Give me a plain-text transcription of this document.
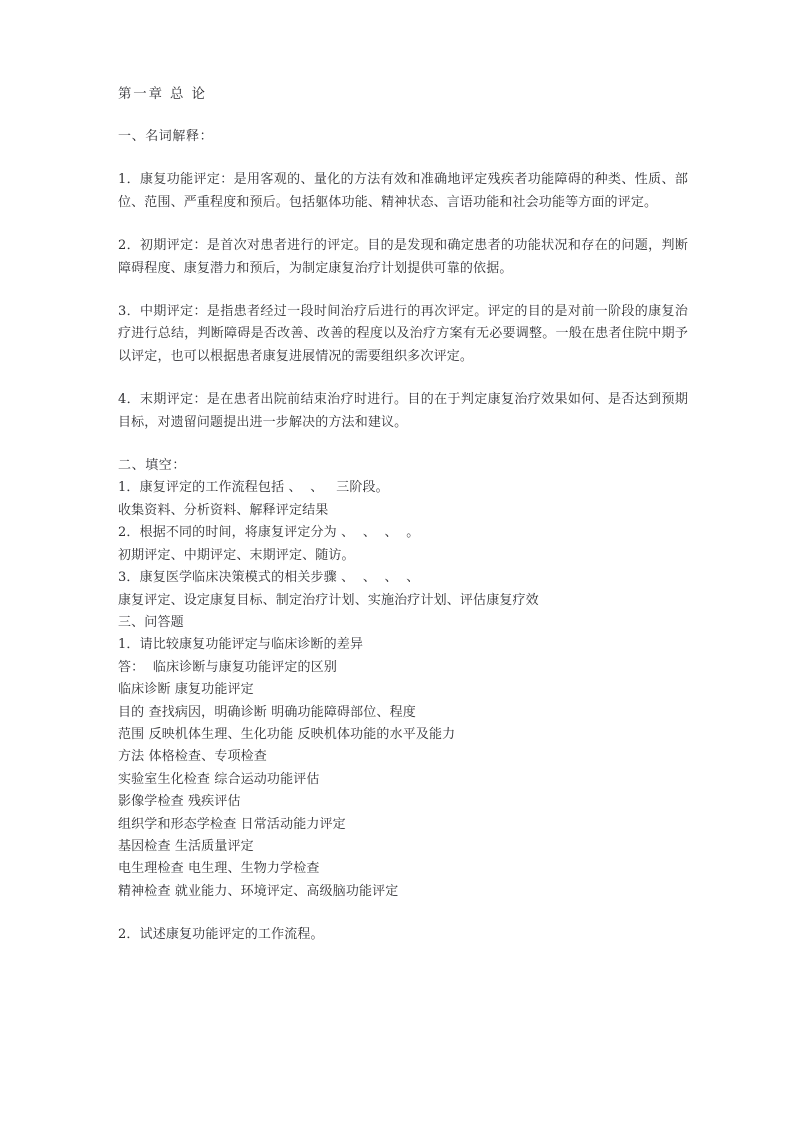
第一章 总 论

一、名词解释：

1．康复功能评定：是用客观的、量化的方法有效和准确地评定残疾者功能障碍的种类、性质、部位、范围、严重程度和预后。包括躯体功能、精神状态、言语功能和社会功能等方面的评定。

2．初期评定：是首次对患者进行的评定。目的是发现和确定患者的功能状况和存在的问题，判断障碍程度、康复潜力和预后，为制定康复治疗计划提供可靠的依据。

3．中期评定：是指患者经过一段时间治疗后进行的再次评定。评定的目的是对前一阶段的康复治疗进行总结，判断障碍是否改善、改善的程度以及治疗方案有无必要调整。一般在患者住院中期予以评定，也可以根据患者康复进展情况的需要组织多次评定。

4．末期评定：是在患者出院前结束治疗时进行。目的在于判定康复治疗效果如何、是否达到预期目标，对遗留问题提出进一步解决的方法和建议。

二、填空：

1．康复评定的工作流程包括 、  、   三阶段。
收集资料、分析资料、解释评定结果
2．根据不同的时间，将康复评定分为 、  、  、  。
初期评定、中期评定、末期评定、随访。
3．康复医学临床决策模式的相关步骤 、  、  、  、
康复评定、设定康复目标、制定治疗计划、实施治疗计划、评估康复疗效
三、问答题
1．请比较康复功能评定与临床诊断的差异
答：  临床诊断与康复功能评定的区别
临床诊断 康复功能评定
目的 查找病因，明确诊断 明确功能障碍部位、程度
范围 反映机体生理、生化功能 反映机体功能的水平及能力
方法 体格检查、专项检查
实验室生化检查 综合运动功能评估
影像学检查 残疾评估
组织学和形态学检查 日常活动能力评定
基因检查 生活质量评定
电生理检查 电生理、生物力学检查
精神检查 就业能力、环境评定、高级脑功能评定

2．试述康复功能评定的工作流程。
